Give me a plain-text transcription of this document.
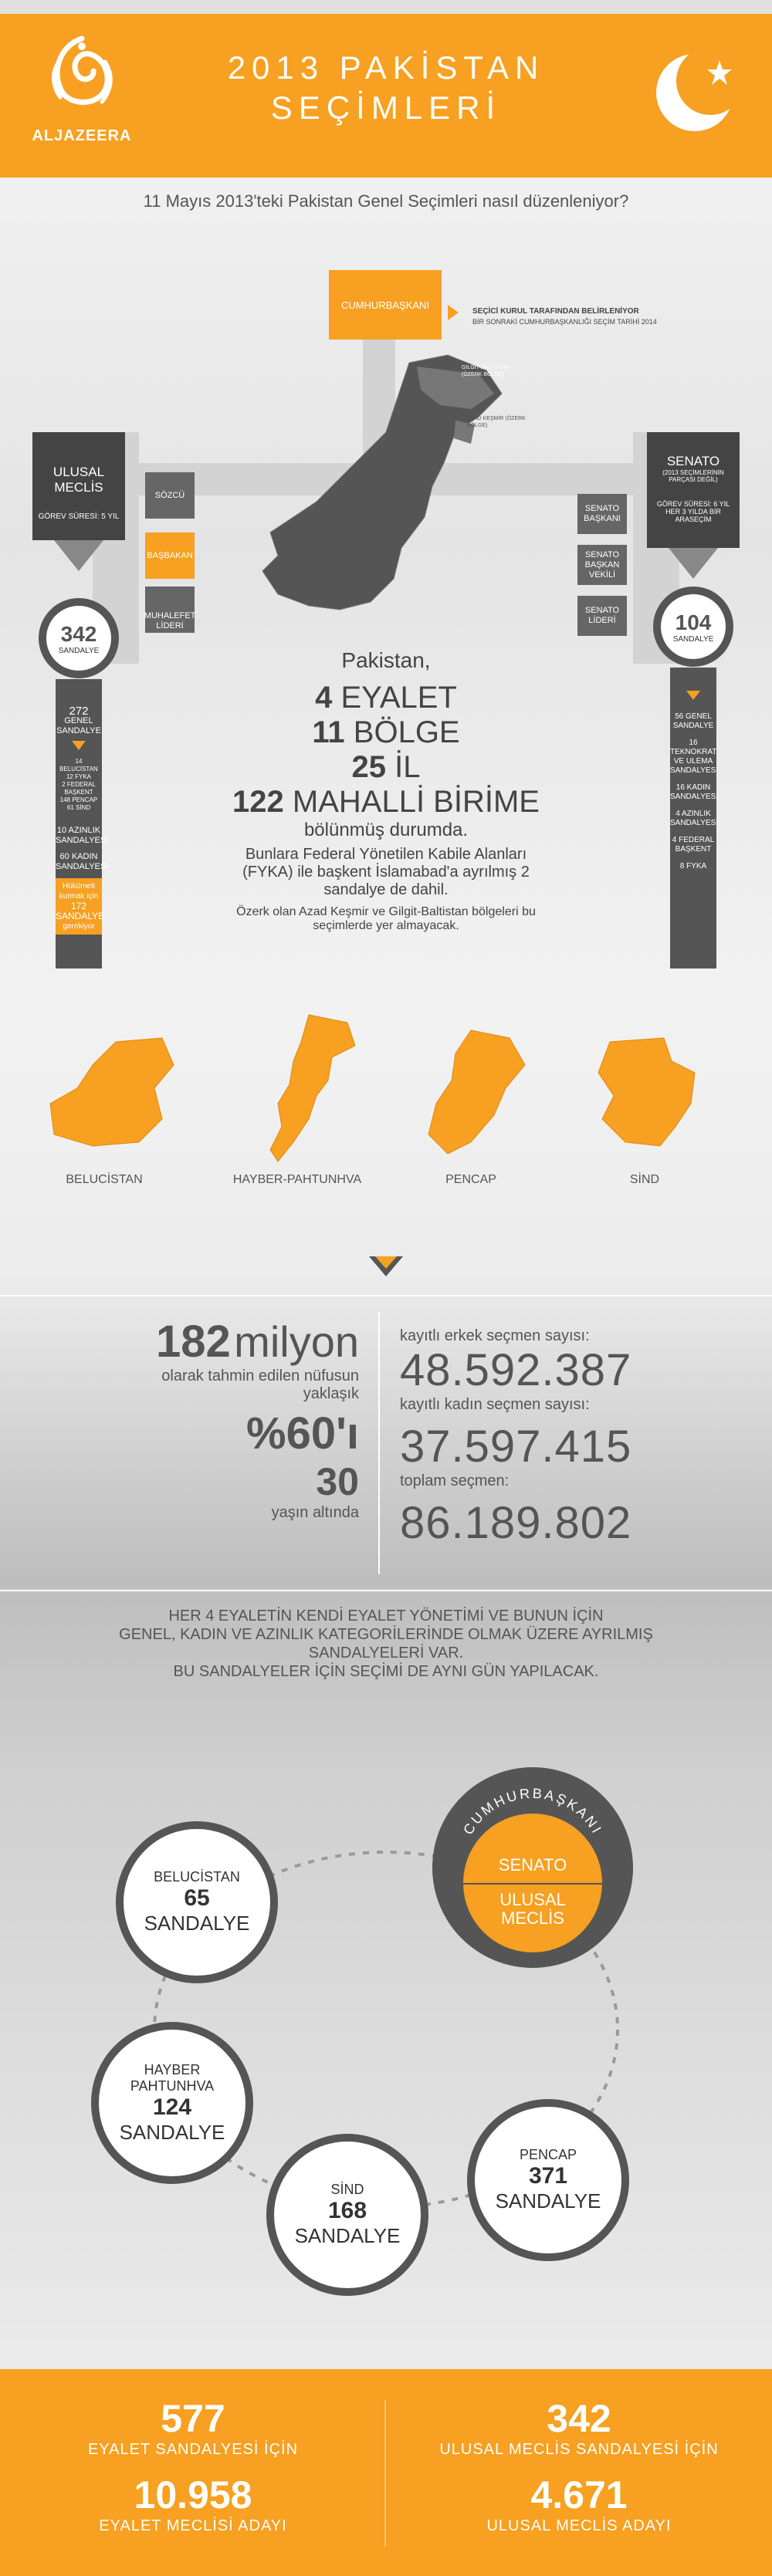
ALJAZEERA
2013 PAKİSTAN
SEÇİMLERİ
11 Mayıs 2013'teki Pakistan Genel Seçimleri nasıl düzenleniyor?
CUMHURBAŞKANI
SEÇİCİ KURUL TARAFINDAN BELİRLENİYOR
BİR SONRAKİ CUMHURBAŞKANLIĞI SEÇİM TARİHİ 2014
GILGIT-BALTISTAN (ÖZERK BÖLGE)
AZAD KEŞMİR (ÖZERK BÖLGE)
ULUSAL
MECLİS
GÖREV SÜRESİ: 5 YIL
SÖZCÜ
BAŞBAKAN
MUHALEFET LİDERİ
342
SANDALYE
272
GENEL SANDALYE
14 BELUCİSTAN
12 FYKA
2 FEDERAL BAŞKENT
148 PENCAP
61 SİND
10 AZINLIK SANDALYESİ
60 KADIN SANDALYESİ
Hükümeti kurmak için
172 SANDALYE
gerekiyor
SENATO
(2013 SEÇİMLERİNİN PARÇASI DEĞİL)
GÖREV SÜRESİ: 6 YIL HER 3 YILDA BİR ARASEÇİM
SENATO BAŞKANI
SENATO BAŞKAN VEKİLİ
SENATO LİDERİ	104
SANDALYE
56 GENEL SANDALYE
16 TEKNOKRAT VE ULEMA SANDALYESİ
16 KADIN SANDALYESİ
4 AZINLIK SANDALYESİ
4 FEDERAL BAŞKENT
8 FYKA
Pakistan,
4 EYALET
11 BÖLGE
25 İL
122 MAHALLİ BİRİME
bölünmüş durumda.
Bunlara Federal Yönetilen Kabile Alanları (FYKA) ile başkent İslamabad'a ayrılmış 2 sandalye de dahil.
Özerk olan Azad Keşmir ve Gilgit-Baltistan bölgeleri bu seçimlerde yer almayacak.
BELUCİSTAN	HAYBER-PAHTUNHVA	PENCAP	SİND
182 milyon
olarak tahmin edilen nüfusun
yaklaşık
%60'ı
30
yaşın altında
kayıtlı erkek seçmen sayısı:
48.592.387
kayıtlı kadın seçmen sayısı:
37.597.415
toplam seçmen:
86.189.802
HER 4 EYALETİN KENDİ EYALET YÖNETİMİ VE BUNUN İÇİN
GENEL, KADIN VE AZINLIK KATEGORİLERİNDE OLMAK ÜZERE AYRILMIŞ
SANDALYELERİ VAR.
BU SANDALYELER İÇİN SEÇİMİ DE AYNI GÜN YAPILACAK.
CUMHURBAŞKANI
SENATO
ULUSAL
MECLİS
BELUCİSTAN
65
SANDALYE
HAYBER
PAHTUNHVA
124
SANDALYE
SİND
168
SANDALYE
PENCAP
371
SANDALYE
577
EYALET SANDALYESİ İÇİN
10.958
EYALET MECLİSİ ADAYI
342
ULUSAL MECLİS SANDALYESİ İÇİN
4.671
ULUSAL MECLİS ADAYI
